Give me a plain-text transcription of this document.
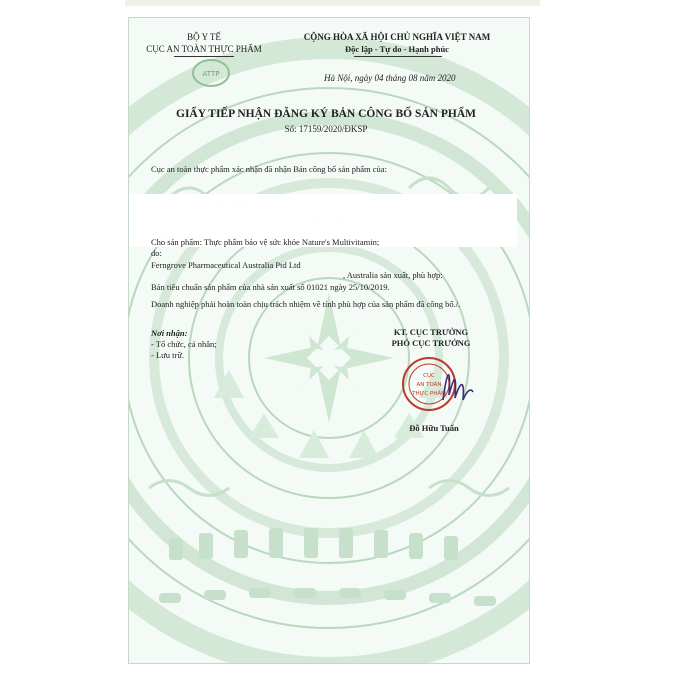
ATTP
BỘ Y TẾ
CỤC AN TOÀN THỰC PHẨM
CỘNG HÒA XÃ HỘI CHỦ NGHĨA VIỆT NAM
Độc lập - Tự do - Hạnh phúc
Hà Nội, ngày 04 tháng 08 năm 2020
GIẤY TIẾP NHẬN ĐĂNG KÝ BẢN CÔNG BỐ SẢN PHẨM
Số: 17159/2020/ĐKSP
Cục an toàn thực phẩm xác nhận đã nhận Bản công bố sản phẩm của:
Cho sản phẩm: Thực phẩm bảo vệ sức khỏe Nature's Multivitamin;
do:
Ferngrove Pharmaceutical Australia Ptd Ltd
, Australia sản xuất, phù hợp:
Bản tiêu chuẩn sản phẩm của nhà sản xuất số 01021 ngày 25/10/2019.
Doanh nghiệp phải hoàn toàn chịu trách nhiệm về tính phù hợp của sản phẩm đã công bố./.
Nơi nhận:
- Tổ chức, cá nhân;
- Lưu trữ.
KT. CỤC TRƯỞNG
PHÓ CỤC TRƯỞNG
CỤC
AN TOÀN
THỰC PHẨM
Đỗ Hữu Tuấn
